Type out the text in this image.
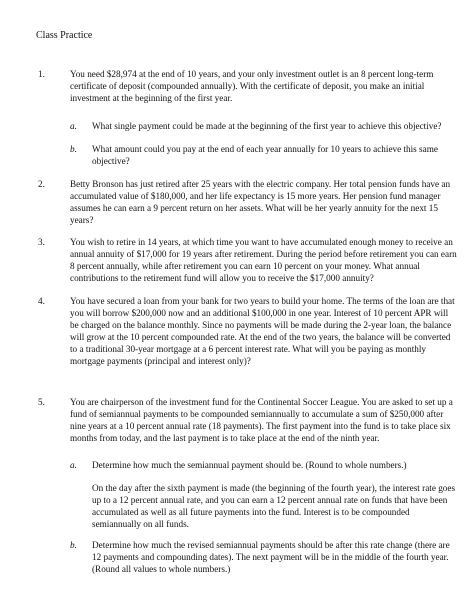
Class Practice
1.	You need $28,974 at the end of 10 years, and your only investment outlet is an 8 percent long-term certificate of deposit (compounded annually). With the certificate of deposit, you make an initial investment at the beginning of the first year.

a. What single payment could be made at the beginning of the first year to achieve this objective?

b. What amount could you pay at the end of each year annually for 10 years to achieve this same objective?

2.	Betty Bronson has just retired after 25 years with the electric company. Her total pension funds have an accumulated value of $180,000, and her life expectancy is 15 more years. Her pension fund manager assumes he can earn a 9 percent return on her assets. What will be her yearly annuity for the next 15 years?

3.	You wish to retire in 14 years, at which time you want to have accumulated enough money to receive an annual annuity of $17,000 for 19 years after retirement. During the period before retirement you can earn 8 percent annually, while after retirement you can earn 10 percent on your money. What annual contributions to the retirement fund will allow you to receive the $17,000 annuity?

4.	You have secured a loan from your bank for two years to build your home. The terms of the loan are that you will borrow $200,000 now and an additional $100,000 in one year. Interest of 10 percent APR will be charged on the balance monthly. Since no payments will be made during the 2-year loan, the balance will grow at the 10 percent compounded rate. At the end of the two years, the balance will be converted to a traditional 30-year mortgage at a 6 percent interest rate. What will you be paying as monthly mortgage payments (principal and interest only)?

5.	You are chairperson of the investment fund for the Continental Soccer League. You are asked to set up a fund of semiannual payments to be compounded semiannually to accumulate a sum of $250,000 after nine years at a 10 percent annual rate (18 payments). The first payment into the fund is to take place six months from today, and the last payment is to take place at the end of the ninth year.

a. Determine how much the semiannual payment should be. (Round to whole numbers.)

On the day after the sixth payment is made (the beginning of the fourth year), the interest rate goes up to a 12 percent annual rate, and you can earn a 12 percent annual rate on funds that have been accumulated as well as all future payments into the fund. Interest is to be compounded semiannually on all funds.

b. Determine how much the revised semiannual payments should be after this rate change (there are 12 payments and compounding dates). The next payment will be in the middle of the fourth year. (Round all values to whole numbers.)
